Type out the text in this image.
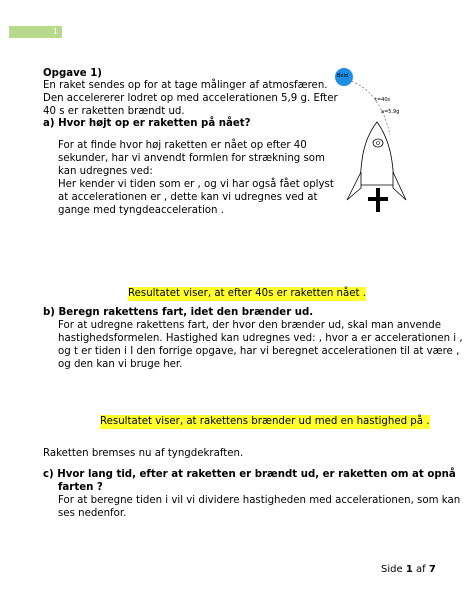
1
Opgave 1)
En raket sendes op for at tage målinger af atmosfæren.
Den accelererer lodret op med accelerationen 5,9 g. Efter
40 s er raketten brændt ud.
Bold
t=40s
a=5,9g
a) Hvor højt op er raketten på nået?
For at finde hvor høj raketten er nået op efter 40
sekunder, har vi anvendt formlen for strækning som
kan udregnes ved:
Her kender vi tiden som er , og vi har også fået oplyst
at accelerationen er , dette kan vi udregnes ved at
gange med tyngdeacceleration .
Resultatet viser, at efter 40s er raketten nået .
b) Beregn rakettens fart, idet den brænder ud.
For at udregne rakettens fart, der hvor den brænder ud, skal man anvende
hastighedsformelen. Hastighed kan udregnes ved: , hvor a er accelerationen i ,
og t er tiden i I den forrige opgave, har vi beregnet accelerationen til at være ,
og den kan vi bruge her.
Resultatet viser, at rakettens brænder ud med en hastighed på .
Raketten bremses nu af tyngdekraften.
c) Hvor lang tid, efter at raketten er brændt ud, er raketten om at opnå
farten ?
For at beregne tiden i vil vi dividere hastigheden med accelerationen, som kan
ses nedenfor.
Side 1 af 7
